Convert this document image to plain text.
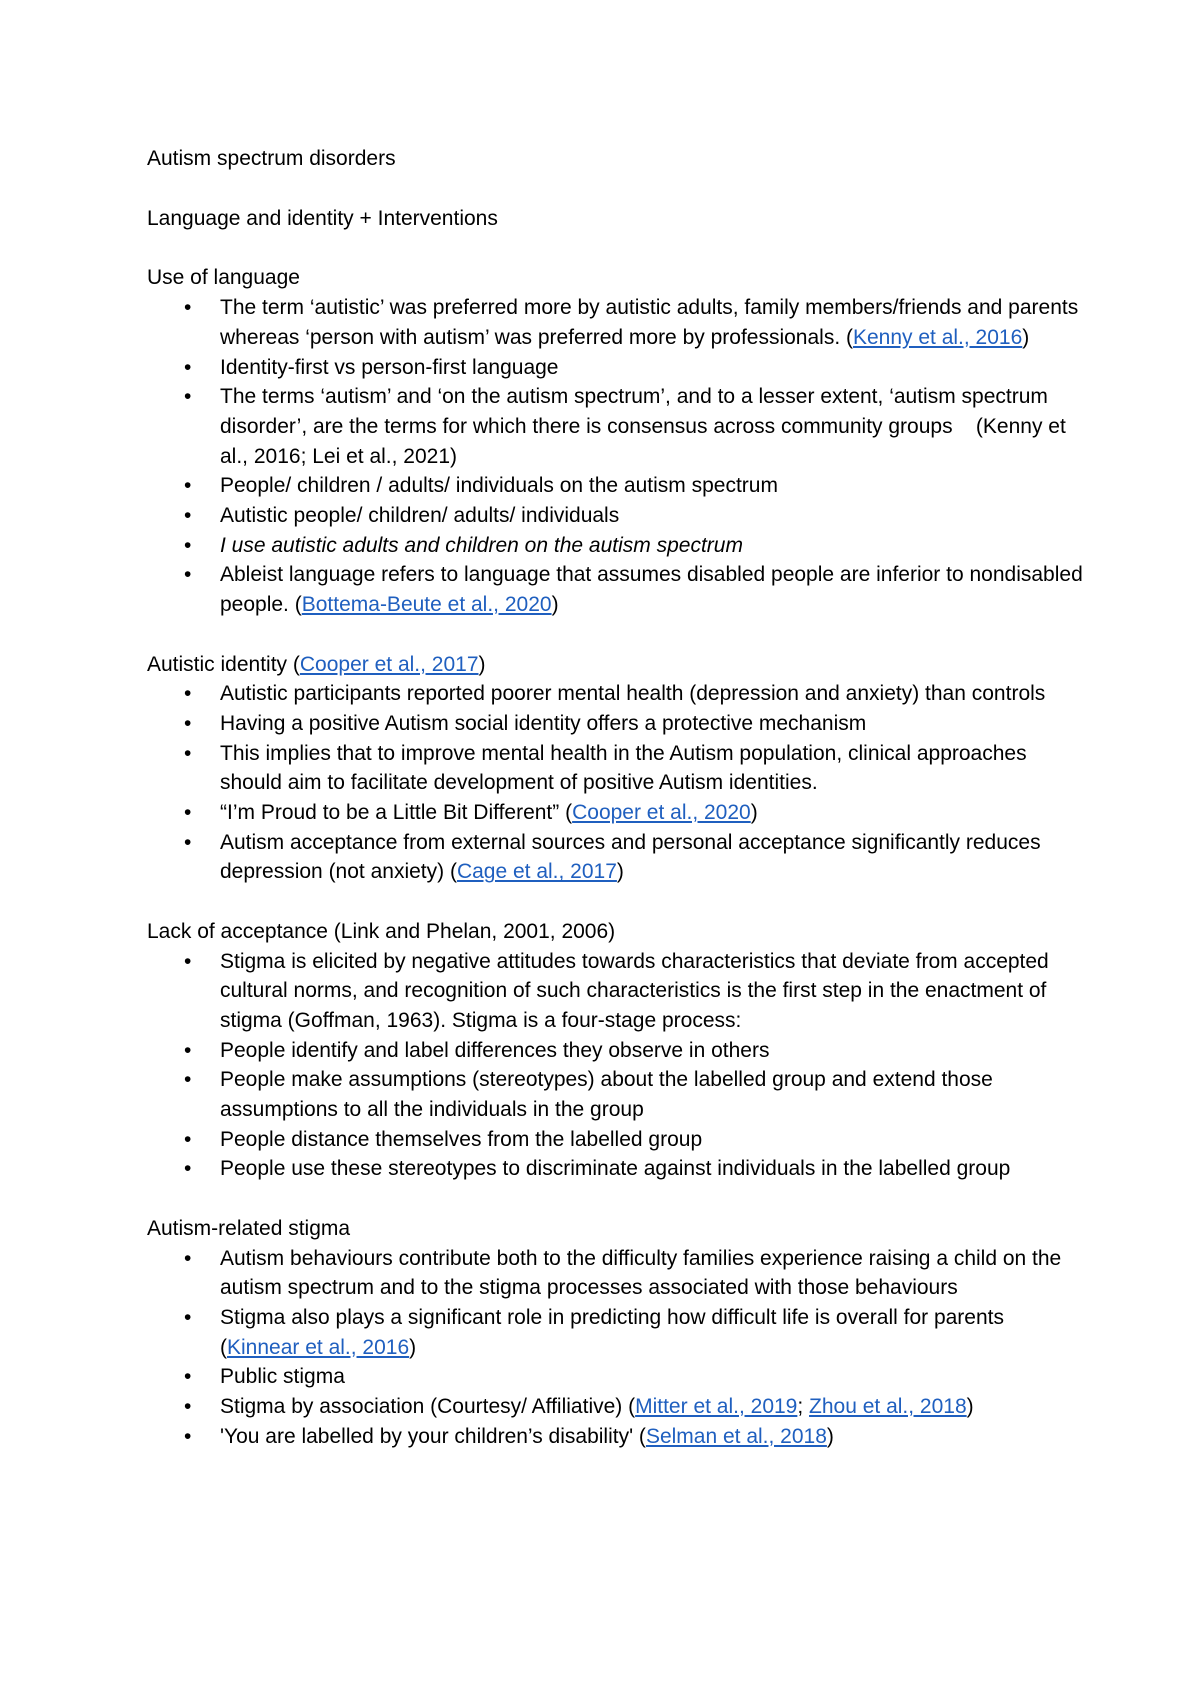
Autism spectrum disorders

Language and identity + Interventions

Use of language

• The term ‘autistic’ was preferred more by autistic adults, family members/friends and parents whereas ‘person with autism’ was preferred more by professionals. (Kenny et al., 2016)
• Identity-first vs person-first language
• The terms ‘autism’ and ‘on the autism spectrum’, and to a lesser extent, ‘autism spectrum disorder’, are the terms for which there is consensus across community groups    (Kenny et al., 2016; Lei et al., 2021)
• People/ children / adults/ individuals on the autism spectrum
• Autistic people/ children/ adults/ individuals
• I use autistic adults and children on the autism spectrum
• Ableist language refers to language that assumes disabled people are inferior to nondisabled people. (Bottema-Beute et al., 2020)

Autistic identity (Cooper et al., 2017)

• Autistic participants reported poorer mental health (depression and anxiety) than controls
• Having a positive Autism social identity offers a protective mechanism
• This implies that to improve mental health in the Autism population, clinical approaches should aim to facilitate development of positive Autism identities.
• “I’m Proud to be a Little Bit Different” (Cooper et al., 2020)
• Autism acceptance from external sources and personal acceptance significantly reduces depression (not anxiety) (Cage et al., 2017)

Lack of acceptance (Link and Phelan, 2001, 2006)

• Stigma is elicited by negative attitudes towards characteristics that deviate from accepted cultural norms, and recognition of such characteristics is the first step in the enactment of stigma (Goffman, 1963). Stigma is a four-stage process:
• People identify and label differences they observe in others
• People make assumptions (stereotypes) about the labelled group and extend those assumptions to all the individuals in the group
• People distance themselves from the labelled group
• People use these stereotypes to discriminate against individuals in the labelled group

Autism-related stigma

• Autism behaviours contribute both to the difficulty families experience raising a child on the autism spectrum and to the stigma processes associated with those behaviours
• Stigma also plays a significant role in predicting how difficult life is overall for parents (Kinnear et al., 2016)
• Public stigma
• Stigma by association (Courtesy/ Affiliative) (Mitter et al., 2019; Zhou et al., 2018)
• 'You are labelled by your children’s disability' (Selman et al., 2018)
